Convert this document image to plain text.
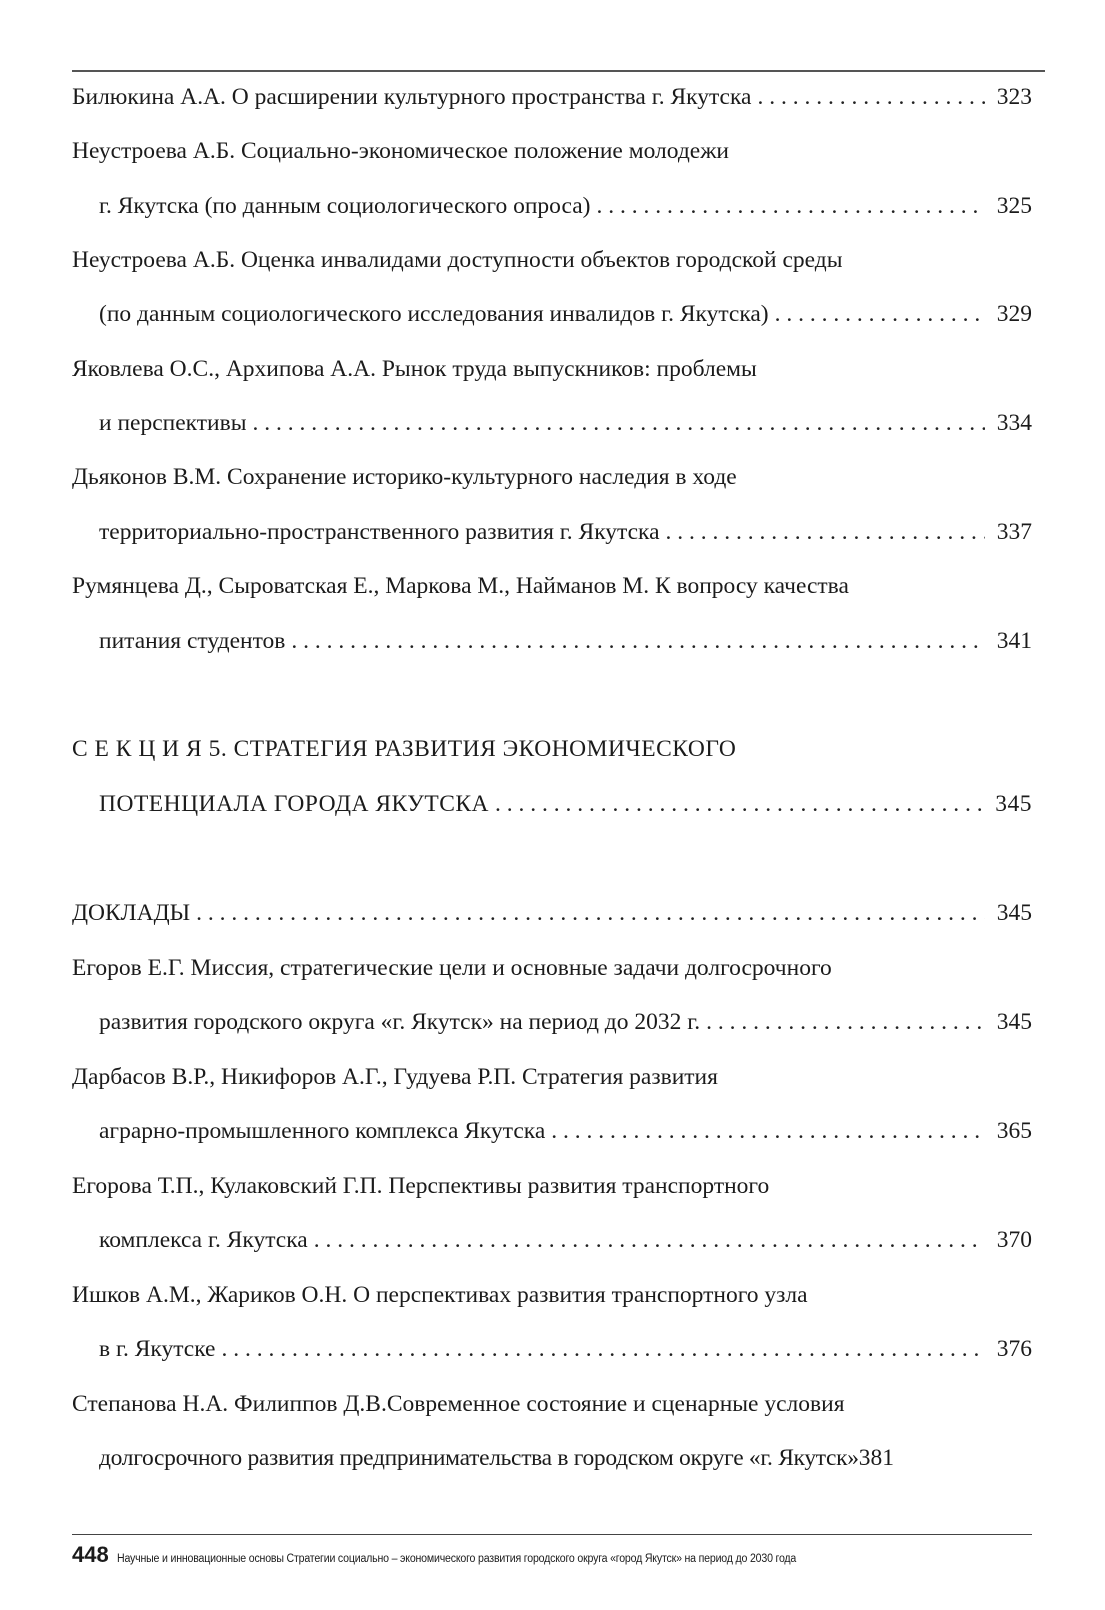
Билюкина А.А. О расширении культурного пространства г. Якутска . . .	323
Неустроева А.Б. Социально-экономическое положение молодежи
г. Якутска (по данным социологического опроса) . . .	325
Неустроева А.Б. Оценка инвалидами доступности объектов городской среды
(по данным социологического исследования инвалидов г. Якутска) . . .	329
Яковлева О.С., Архипова А.А. Рынок труда выпускников: проблемы
и перспективы . . .	334
Дьяконов В.М. Сохранение историко-культурного наследия в ходе
территориально-пространственного развития г. Якутска . . .	337
Румянцева Д., Сыроватская Е., Маркова М., Найманов М. К вопросу качества
питания студентов . . .	341
С Е К Ц И Я 5. СТРАТЕГИЯ РАЗВИТИЯ ЭКОНОМИЧЕСКОГО
ПОТЕНЦИАЛА ГОРОДА ЯКУТСКА . . .	345
ДОКЛАДЫ . . .	345
Егоров Е.Г. Миссия, стратегические цели и основные задачи долгосрочного
развития городского округа «г. Якутск» на период до 2032 г. . . .	345
Дарбасов В.Р., Никифоров А.Г., Гудуева Р.П. Стратегия развития
аграрно-промышленного комплекса Якутска . . .	365
Егорова Т.П., Кулаковский Г.П. Перспективы развития транспортного
комплекса г. Якутска . . .	370
Ишков А.М., Жариков О.Н. О перспективах развития транспортного узла
в г. Якутске . . .	376
Степанова Н.А. Филиппов Д.В.Современное состояние и сценарные условия
долгосрочного развития предпринимательства в городском округе «г. Якутск» 381
448 Научные и инновационные основы Стратегии социально – экономического развития городского округа «город Якутск» на период до 2030 года
